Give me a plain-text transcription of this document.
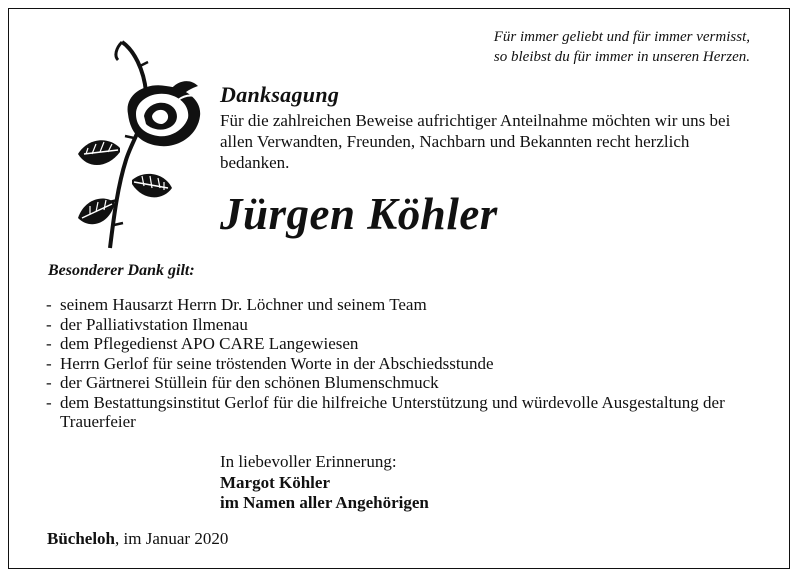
Für immer geliebt und für immer vermisst,
so bleibst du für immer in unseren Herzen.
Danksagung
Für die zahlreichen Beweise aufrichtiger Anteilnahme möchten wir uns bei allen Verwandten, Freunden, Nachbarn und Bekannten recht herzlich bedanken.
Jürgen Köhler
Besonderer Dank gilt:
- seinem Hausarzt Herrn Dr. Löchner und seinem Team
- der Palliativstation Ilmenau
- dem Pflegedienst APO CARE Langewiesen
- Herrn Gerlof für seine tröstenden Worte in der Abschiedsstunde
- der Gärtnerei Stüllein für den schönen Blumenschmuck
- dem Bestattungsinstitut Gerlof für die hilfreiche Unterstützung und würdevolle Ausgestaltung der Trauerfeier
In liebevoller Erinnerung:
Margot Köhler
im Namen aller Angehörigen
Bücheloh, im Januar 2020
